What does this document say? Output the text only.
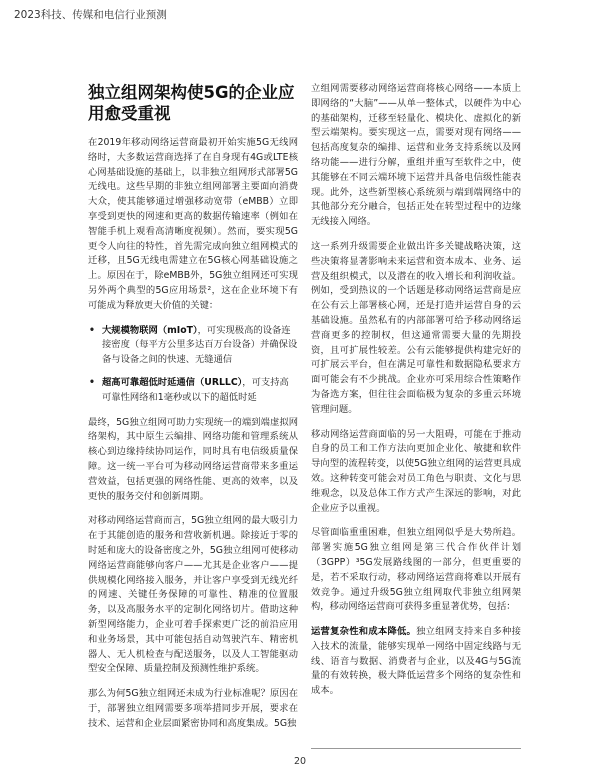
2023科技、传媒和电信行业预测
独立组网架构使5G的企业应用愈受重视

在2019年移动网络运营商最初开始实施5G无线网络时，大多数运营商选择了在自身现有4G或LTE核心网基础设施的基础上，以非独立组网形式部署5G无线电。这些早期的非独立组网部署主要面向消费大众，使其能够通过增强移动宽带（eMBB）立即享受到更快的网速和更高的数据传输速率（例如在智能手机上观看高清晰度视频）。然而，要实现5G更令人向往的特性，首先需完成向独立组网模式的迁移，且5G无线电需建立在5G核心网基础设施之上。原因在于，除eMBB外，5G独立组网还可实现另外两个典型的5G应用场景²，这在企业环境下有可能成为释放更大价值的关键：

• 大规模物联网（mIoT），可实现极高的设备连接密度（每平方公里多达百万台设备）并确保设备与设备之间的快速、无缝通信
• 超高可靠超低时延通信（URLLC），可支持高可靠性网络和1毫秒或以下的超低时延

最终，5G独立组网可助力实现统一的端到端虚拟网络架构，其中原生云编排、网络功能和管理系统从核心到边缘持续协同运作，同时具有电信级质量保障。这一统一平台可为移动网络运营商带来多重运营效益，包括更强的网络性能、更高的效率，以及更快的服务交付和创新周期。

对移动网络运营商而言，5G独立组网的最大吸引力在于其能创造的服务和营收新机遇。除接近于零的时延和庞大的设备密度之外，5G独立组网可使移动网络运营商能够向客户——尤其是企业客户——提供规模化网络接入服务，并让客户享受到无线光纤的网速、关键任务保障的可靠性、精准的位置服务，以及高服务水平的定制化网络切片。借助这种新型网络能力，企业可着手探索更广泛的前沿应用和业务场景，其中可能包括自动驾驶汽车、精密机器人、无人机检查与配送服务，以及人工智能驱动型安全保障、质量控制及预测性维护系统。

那么为何5G独立组网还未成为行业标准呢？原因在于，部署独立组网需要多项举措同步开展，要求在技术、运营和企业层面紧密协同和高度集成。5G独

立组网需要移动网络运营商将核心网络——本质上即网络的“大脑”——从单一整体式，以硬件为中心的基础架构，迁移至轻量化、模块化、虚拟化的新型云端架构。要实现这一点，需要对现有网络——包括高度复杂的编排、运营和业务支持系统以及网络功能——进行分解，重组并重写至软件之中，使其能够在不同云端环境下运营并具备电信级性能表现。此外，这些新型核心系统须与端到端网络中的其他部分充分融合，包括正处在转型过程中的边缘无线接入网络。

这一系列升级需要企业做出许多关键战略决策，这些决策将显著影响未来运营和资本成本、业务、运营及组织模式，以及潜在的收入增长和利润收益。例如，受到热议的一个话题是移动网络运营商是应在公有云上部署核心网，还是打造并运营自身的云基础设施。虽然私有的内部部署可给予移动网络运营商更多的控制权，但这通常需要大量的先期投资，且可扩展性较差。公有云能够提供构建完好的可扩展云平台，但在满足可靠性和数据隐私要求方面可能会有不少挑战。企业亦可采用综合性策略作为备选方案，但往往会面临极为复杂的多重云环境管理问题。

移动网络运营商面临的另一大阻碍，可能在于推动自身的员工和工作方法向更加企业化、敏捷和软件导向型的流程转变，以使5G独立组网的运营更具成效。这种转变可能会对员工角色与职责、文化与思维观念，以及总体工作方式产生深远的影响，对此企业应予以重视。

尽管面临重重困难，但独立组网似乎是大势所趋。部署实施5G独立组网是第三代合作伙伴计划（3GPP）³5G发展路线图的一部分，但更重要的是，若不采取行动，移动网络运营商将难以开展有效竞争。通过升级5G独立组网取代非独立组网架构，移动网络运营商可获得多重显著优势，包括：

运营复杂性和成本降低。独立组网支持来自多种接入技术的流量，能够实现单一网络中固定线路与无线、语音与数据、消费者与企业，以及4G与5G流量的有效转换，极大降低运营多个网络的复杂性和成本。

20
